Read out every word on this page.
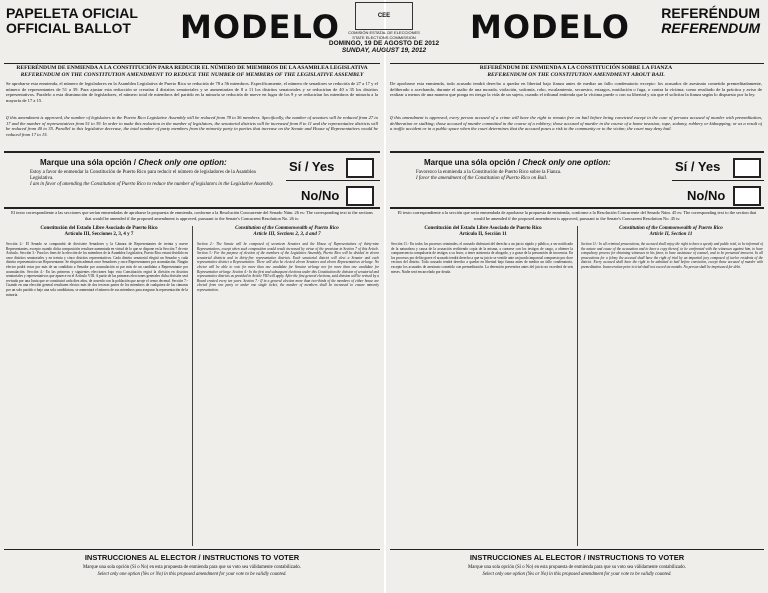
PAPELETA OFICIAL
OFFICIAL BALLOT MODELO	CEE
COMISIÓN ESTATAL DE ELECCIONES
STATE ELECTIONS COMMISSION
DOMINGO, 19 DE AGOSTO DE 2012
SUNDAY, AUGUST 19, 2012
MODELO REFERÉNDUM
REFERENDUM
REFERÉNDUM DE ENMIENDA A LA CONSTITUCIÓN PARA REDUCIR EL NÚMERO DE MIEMBROS DE LA ASAMBLEA LEGISLATIVA
REFERENDUM ON THE CONSTITUTION AMENDMENT TO REDUCE THE NUMBER OF MEMBERS OF THE LEGISLATIVE ASSEMBLY
Se aprobarse esta enmienda, el número de legisladores en la Asamblea Legislativa de Puerto Rico se reduciría de 78 a 56 miembros. Específicamente, el número de senadores se reduciría de 27 a 17 y el número de representantes de 51 a 39. Para ajustar esta reducción se crearían 4 distritos senatoriales y se aumentarían de 8 a 11 los distritos senatoriales y se reducirían de 40 a 35 los distritos representativos. Paralelo a esta disminución de legisladores, el número total de miembros del partido en la minoría se reduciría de nueve en lugar de los 9 y se reducirían los miembros de minoría a la mayoría de 17 a 15.
If this amendment is approved, the number of legislators in the Puerto Rico Legislative Assembly will be reduced from 78 to 56 members. Specifically, the number of senators will be reduced from 27 to 17 and the number of representatives from 51 to 39. In order to make this reduction in the number of legislators, the senatorial districts will be increased from 8 to 11 and the representative districts will be reduced from 40 to 35. Parallel to this legislative decrease, the total number of party members from the minority party in parties that increase on the Senate and House of Representatives would be reduced from 17 to 15.
REFERÉNDUM DE ENMIENDA A LA CONSTITUCIÓN SOBRE LA FIANZA
REFERENDUM ON THE CONSTITUTION AMENDMENT ABOUT BAIL
De aprobarse esta enmienda, todo acusado tendrá derecho a quedar en libertad bajo fianza antes de mediar un fallo condenatorio excepto: los acusados de asesinato cometido premeditadamente, deliberado o acechando, durante el asalto de una morada, violación, sodomía, robo, escalamiento, secuestro, estragos, mutilación o fuga, o contra la víctima; como resultado de la práctica y aviso de realizar a menos de una manera que ponga en riesgo la vida de un sujeto, cuando el tribunal entienda que la víctima puede o con su libertad y sin que el solicitar la fianza según lo dispuesto por la ley.
If this amendment is approved, every person accused of a crime will have the right to remain free on bail before being convicted except in the case of persons accused of murder with premeditation, deliberation or stalking; those accused of murder committed in the course of a robbery; those accused of murder in the course of a home invasion, rape, sodomy, robbery or kidnapping; or as a result of a traffic accident or in a public space when the court determines that the accused poses a risk to the community or to the victim; the court may deny bail.
Marque una sóla opción / Check only one option:
Estoy a favor de enmendar la Constitución de Puerto Rico para reducir el número de legisladores de la Asamblea Legislativa.
I am in favor of amending the Constitution of Puerto Rico to reduce the number of legislators in the Legislative Assembly.
Sí / Yes
No/No
Marque una sóla opción / Check only one option:
Favorezco la enmienda a la Constitución de Puerto Rico sobre la Fianza.
I favor the amendment of the Constitution of Puerto Rico on Bail.
Sí / Yes
No/No
El texto correspondiente a las secciones que serían enmendadas de aprobarse la propuesta de enmienda, conforme a la Resolución Concurrente del Senado Núm. 26 es: The corresponding text to the sections that would be amended if the proposed amendment is approved, pursuant to the Senate's Concurrent Resolution No. 26 is:
Constitución del Estado Libre Asociado de Puerto Rico
Artículo III, Secciones 2, 3, 4 y 7
Constitution of the Commonwealth of Puerto Rico
Article III, Sections 2, 3, 4 and 7
Sección 2.- El Senado se compondrá de diecisiete Senadores y la Cámara de Representantes de treinta y nueve Representantes, excepto cuando dicha composición resultare aumentada en virtud de lo que se dispone en la Sección 7 de este Artículo. Sección 3.- Para los fines de la elección de los miembros de la Asamblea Legislativa, Puerto Rico estará dividido en once distritos senatoriales y en treinta y cinco distritos representativos. Cada distrito senatorial elegirá un Senador y cada distrito representativo un Representante. Se elegirán además once Senadores y once Representantes por acumulación. Ningún elector podrá votar por más de un candidato a Senador por acumulación ni por más de un candidato a Representante por acumulación. Sección 4.- En las primeras y siguientes elecciones bajo esta Constitución regirá la división en distritos senatoriales y representativos que aparece en el Artículo VIII. A partir de las primeras elecciones generales dicha división será revisada por una Junta que se constituirá cada diez años, de acuerdo con la población que arroje el censo decenal. Sección 7.- Cuando en una elección general resultaren electos más de dos terceras partes de los miembros de cualquiera de las cámaras por un solo partido o bajo una sola candidatura, se aumentará el número de sus miembros para asegurar la representación de la minoría.
Section 2.- The Senate will be composed of seventeen Senators and the House of Representatives of thirty-nine Representatives, except when such composition would result increased by virtue of the provision in Section 7 of this Article. Section 3.- For the purpose of election of the members of the Legislative Assembly, Puerto Rico will be divided in eleven senatorial districts and in thirty-five representative districts. Each senatorial district will elect a Senator and each representative district a Representative. There will also be elected eleven Senators and eleven Representatives at-large. No elector will be able to vote for more than one candidate for Senator at-large nor for more than one candidate for Representative at-large. Section 4.- In the first and subsequent elections under this Constitution the division of senatorial and representative districts as provided in Article VIII will apply. After the first general elections, said division will be revised by a Board created every ten years. Section 7.- If in a general election more than two-thirds of the members of either house are elected from one party or under one single ticket, the number of members shall be increased to ensure minority representation.
El texto correspondiente a la sección que sería enmendada de aprobarse la propuesta de enmienda, conforme a la Resolución Concurrente del Senado Núm. 45 es: The corresponding text to the section that would be amended if the proposed amendment is approved, pursuant to the Senate's Concurrent Resolution No. 45 is:
Constitución del Estado Libre Asociado de Puerto Rico
Artículo II, Sección 11
Constitution of the Commonwealth of Puerto Rico
Article II, Section 11
Sección 11.- En todos los procesos criminales, el acusado disfrutará del derecho a un juicio rápido y público, a ser notificado de la naturaleza y causa de la acusación recibiendo copia de la misma, a carearse con los testigos de cargo, a obtener la comparecencia compulsoria de testigos a su favor, a tener asistencia de abogado, y a gozar de la presunción de inocencia. En los procesos por delito grave el acusado tendrá derecho a que su juicio se ventile ante un jurado imparcial compuesto por doce vecinos del distrito. Todo acusado tendrá derecho a quedar en libertad bajo fianza antes de mediar un fallo condenatorio, excepto los acusados de asesinato cometido con premeditación. La detención preventiva antes del juicio no excederá de seis meses. Nadie será encarcelado por deuda.
Section 11.- In all criminal prosecutions, the accused shall enjoy the right to have a speedy and public trial, to be informed of the nature and cause of the accusation and to have a copy thereof, to be confronted with the witnesses against him, to have compulsory process for obtaining witnesses in his favor, to have assistance of counsel, and to be presumed innocent. In all prosecutions for a felony the accused shall have the right of trial by an impartial jury composed of twelve residents of the district. Every accused shall have the right to be admitted to bail before conviction, except those accused of murder with premeditation. Incarceration prior to trial shall not exceed six months. No person shall be imprisoned for debt.
INSTRUCCIONES AL ELECTOR / INSTRUCTIONS TO VOTER
Marque una sola opción (Sí o No) en esta propuesta de enmienda para que su voto sea válidamente contabilizado.
Select only one option (Yes or No) in this proposed amendment for your vote to be validly counted.
INSTRUCCIONES AL ELECTOR / INSTRUCTIONS TO VOTER
Marque una sola opción (Sí o No) en esta propuesta de enmienda para que su voto sea válidamente contabilizado.
Select only one option (Yes or No) in this proposed amendment for your vote to be validly counted.
